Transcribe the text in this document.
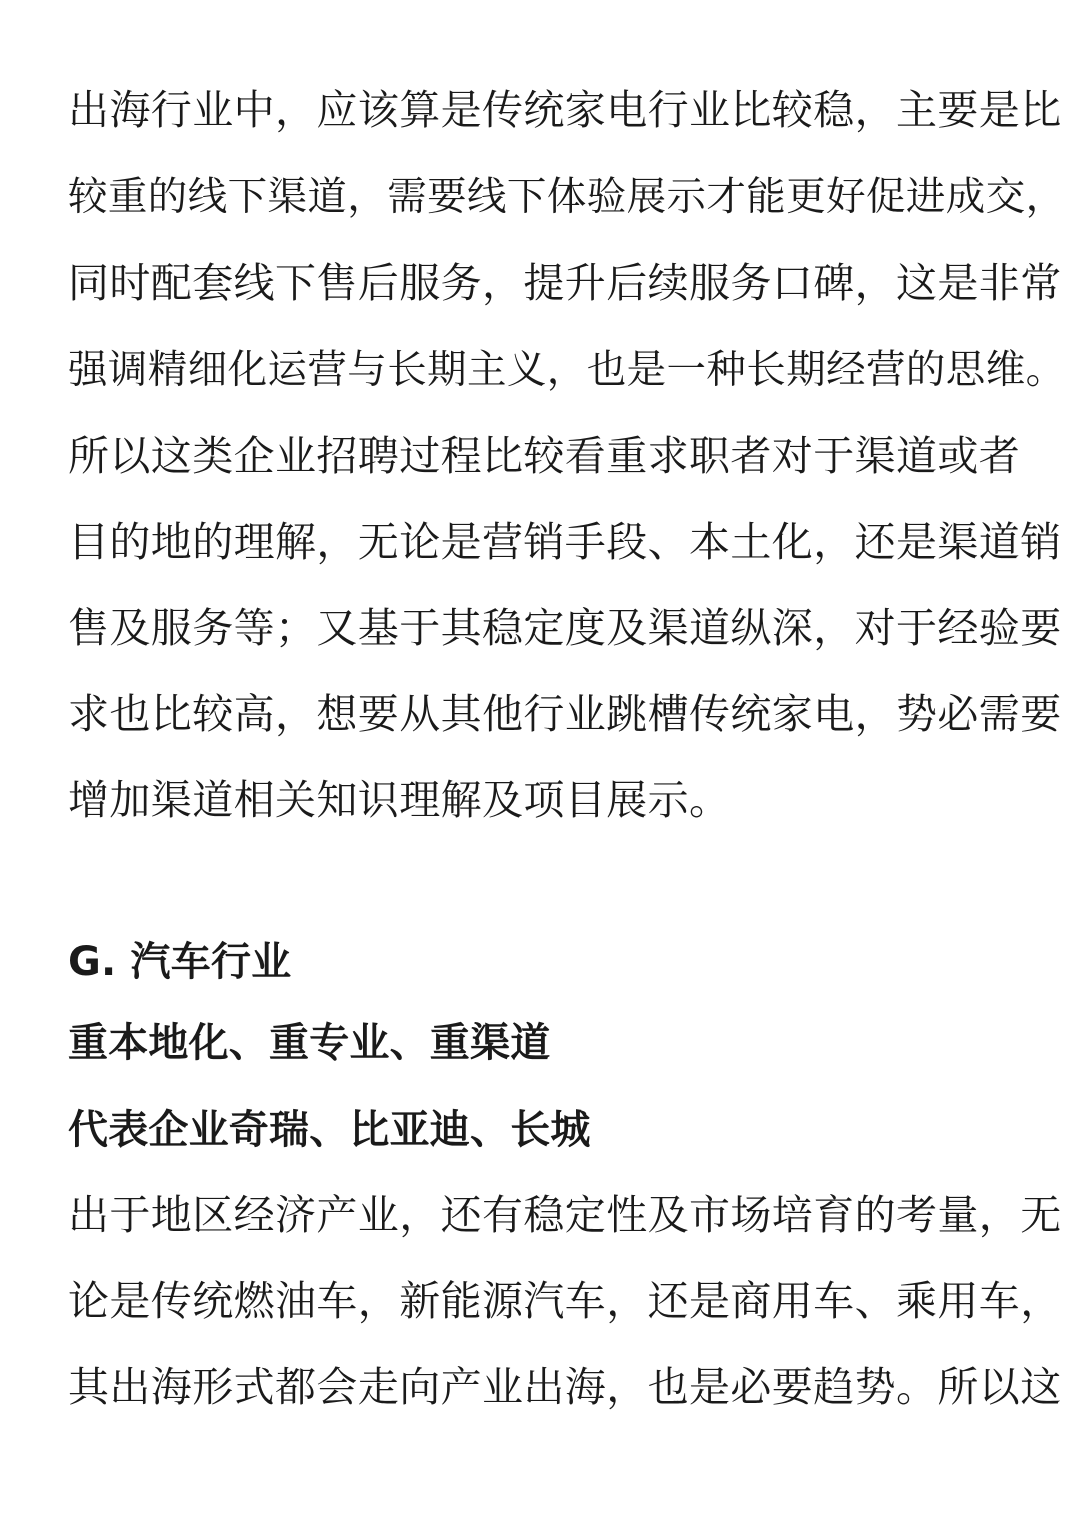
出海行业中，应该算是传统家电行业比较稳，主要是比
较重的线下渠道，需要线下体验展示才能更好促进成交，
同时配套线下售后服务，提升后续服务口碑，这是非常
强调精细化运营与长期主义，也是一种长期经营的思维。
所以这类企业招聘过程比较看重求职者对于渠道或者
目的地的理解，无论是营销手段、本土化，还是渠道销
售及服务等；又基于其稳定度及渠道纵深，对于经验要
求也比较高，想要从其他行业跳槽传统家电，势必需要
增加渠道相关知识理解及项目展示。
G. 汽车行业
重本地化、重专业、重渠道
代表企业奇瑞、比亚迪、长城
出于地区经济产业，还有稳定性及市场培育的考量，无
论是传统燃油车，新能源汽车，还是商用车、乘用车，
其出海形式都会走向产业出海，也是必要趋势。所以这
